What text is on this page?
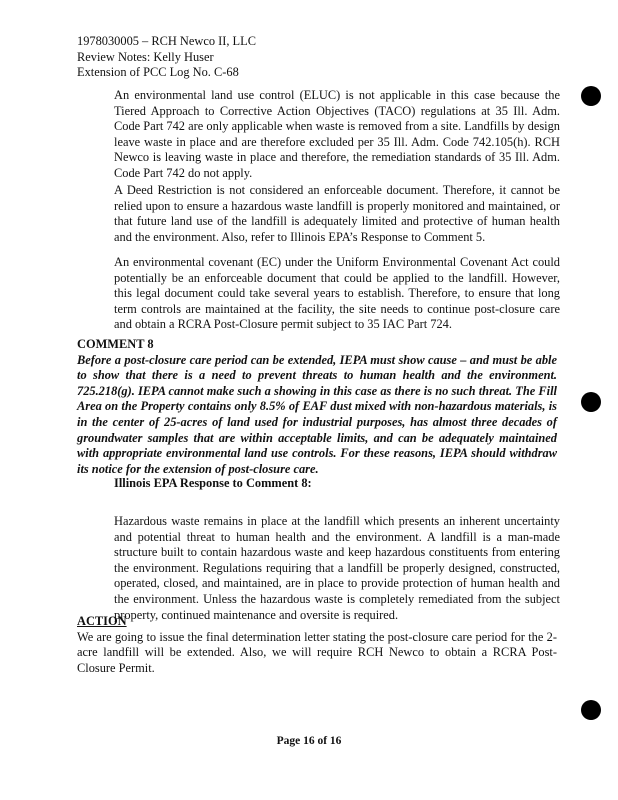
1978030005 – RCH Newco II, LLC
Review Notes: Kelly Huser
Extension of PCC Log No. C-68

An environmental land use control (ELUC) is not applicable in this case because the Tiered Approach to Corrective Action Objectives (TACO) regulations at 35 Ill. Adm. Code Part 742 are only applicable when waste is removed from a site. Landfills by design leave waste in place and are therefore excluded per 35 Ill. Adm. Code 742.105(h). RCH Newco is leaving waste in place and therefore, the remediation standards of 35 Ill. Adm. Code Part 742 do not apply.

A Deed Restriction is not considered an enforceable document. Therefore, it cannot be relied upon to ensure a hazardous waste landfill is properly monitored and maintained, or that future land use of the landfill is adequately limited and protective of human health and the environment. Also, refer to Illinois EPA’s Response to Comment 5.

An environmental covenant (EC) under the Uniform Environmental Covenant Act could potentially be an enforceable document that could be applied to the landfill. However, this legal document could take several years to establish. Therefore, to ensure that long term controls are maintained at the facility, the site needs to continue post-closure care and obtain a RCRA Post-Closure permit subject to 35 IAC Part 724.

COMMENT 8

Before a post-closure care period can be extended, IEPA must show cause – and must be able to show that there is a need to prevent threats to human health and the environment. 725.218(g). IEPA cannot make such a showing in this case as there is no such threat. The Fill Area on the Property contains only 8.5% of EAF dust mixed with non-hazardous materials, is in the center of 25-acres of land used for industrial purposes, has almost three decades of groundwater samples that are within acceptable limits, and can be adequately maintained with appropriate environmental land use controls. For these reasons, IEPA should withdraw its notice for the extension of post-closure care.

Illinois EPA Response to Comment 8:

Hazardous waste remains in place at the landfill which presents an inherent uncertainty and potential threat to human health and the environment. A landfill is a man-made structure built to contain hazardous waste and keep hazardous constituents from entering the environment. Regulations requiring that a landfill be properly designed, constructed, operated, closed, and maintained, are in place to provide protection of human health and the environment. Unless the hazardous waste is completely remediated from the subject property, continued maintenance and oversite is required.

ACTION

We are going to issue the final determination letter stating the post-closure care period for the 2-acre landfill will be extended. Also, we will require RCH Newco to obtain a RCRA Post-Closure Permit.

Page 16 of 16
